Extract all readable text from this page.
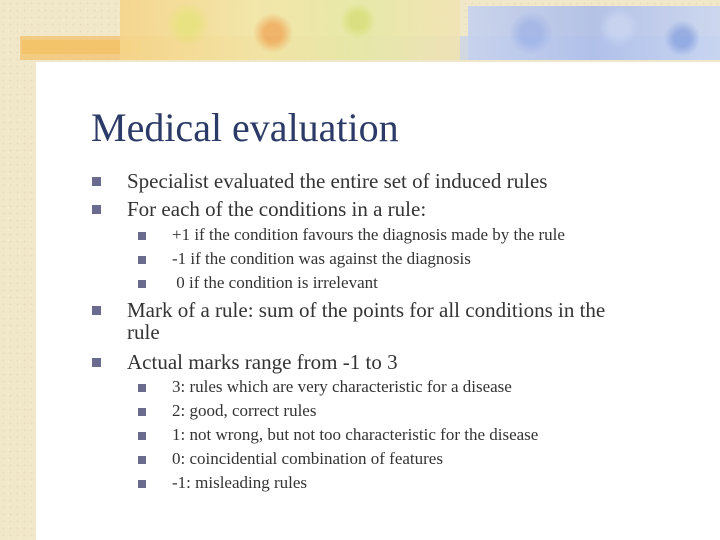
Medical evaluation
Specialist evaluated the entire set of induced rules
For each of the conditions in a rule:
+1 if the condition favours the diagnosis made by the rule
-1 if the condition was against the diagnosis
0 if the condition is irrelevant
Mark of a rule: sum of the points for all conditions in the
rule
Actual marks range from -1 to 3
3: rules which are very characteristic for a disease
2: good, correct rules
1: not wrong, but not too characteristic for the disease
0: coincidential combination of features
-1: misleading rules
